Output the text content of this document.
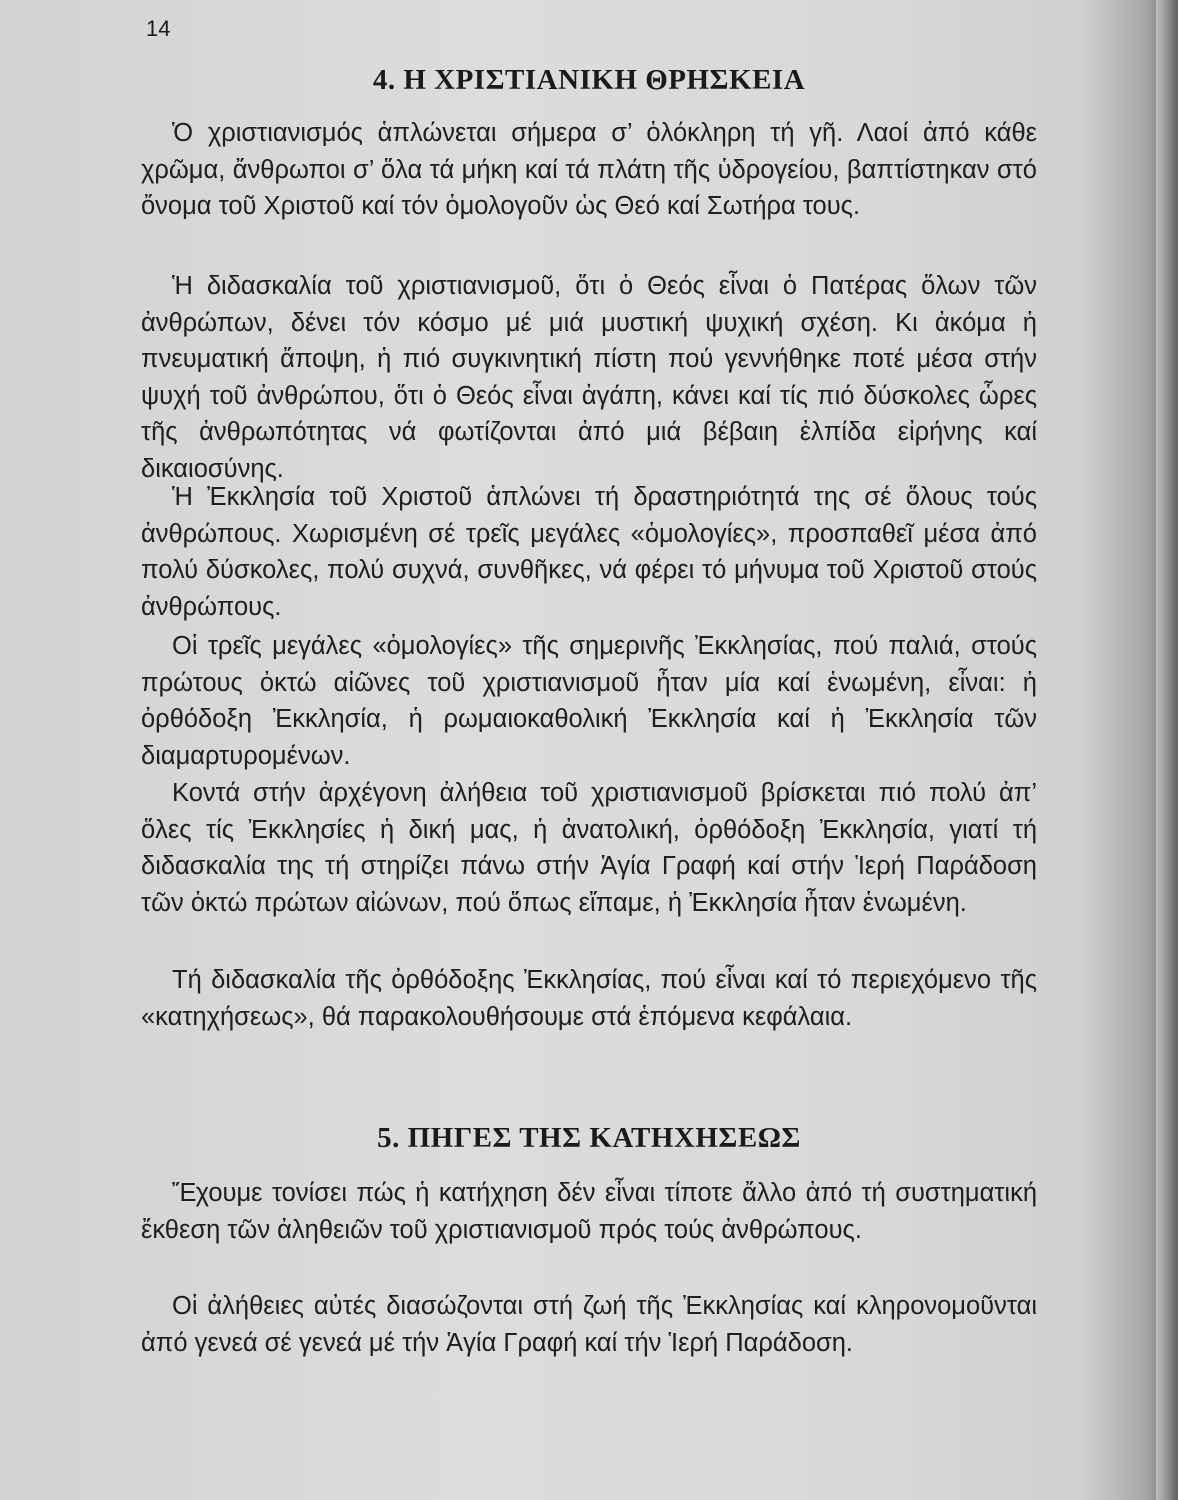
14

4. Η ΧΡΙΣΤΙΑΝΙΚΗ ΘΡΗΣΚΕΙΑ

Ὁ χριστιανισμός ἁπλώνεται σήμερα σ’ ὁλόκληρη τή γῆ. Λαοί ἀπό κάθε χρῶμα, ἄνθρωποι σ’ ὅλα τά μήκη καί τά πλάτη τῆς ὑδρογείου, βαπτίστηκαν στό ὄνομα τοῦ Χριστοῦ καί τόν ὁμολογοῦν ὡς Θεό καί Σωτήρα τους.

Ἡ διδασκαλία τοῦ χριστιανισμοῦ, ὅτι ὁ Θεός εἶναι ὁ Πατέρας ὅλων τῶν ἀνθρώπων, δένει τόν κόσμο μέ μιά μυστική ψυχική σχέση. Κι ἀκόμα ἡ πνευματική ἄποψη, ἡ πιό συγκινητική πίστη πού γεννήθηκε ποτέ μέσα στήν ψυχή τοῦ ἀνθρώπου, ὅτι ὁ Θεός εἶναι ἀγάπη, κάνει καί τίς πιό δύσκολες ὧρες τῆς ἀνθρωπότητας νά φωτίζονται ἀπό μιά βέβαιη ἐλπίδα εἰρήνης καί δικαιοσύνης.

Ἡ Ἐκκλησία τοῦ Χριστοῦ ἁπλώνει τή δραστηριότητά της σέ ὅλους τούς ἀνθρώπους. Χωρισμένη σέ τρεῖς μεγάλες «ὁμολογίες», προσπαθεῖ μέσα ἀπό πολύ δύσκολες, πολύ συχνά, συνθῆκες, νά φέρει τό μήνυμα τοῦ Χριστοῦ στούς ἀνθρώπους.

Οἱ τρεῖς μεγάλες «ὁμολογίες» τῆς σημερινῆς Ἐκκλησίας, πού παλιά, στούς πρώτους ὀκτώ αἰῶνες τοῦ χριστιανισμοῦ ἦταν μία καί ἑνωμένη, εἶναι: ἡ ὀρθόδοξη Ἐκκλησία, ἡ ρωμαιοκαθολική Ἐκκλησία καί ἡ Ἐκκλησία τῶν διαμαρτυρομένων.

Κοντά στήν ἀρχέγονη ἀλήθεια τοῦ χριστιανισμοῦ βρίσκεται πιό πολύ ἀπ’ ὅλες τίς Ἐκκλησίες ἡ δική μας, ἡ ἀνατολική, ὀρθόδοξη Ἐκκλησία, γιατί τή διδασκαλία της τή στηρίζει πάνω στήν Ἁγία Γραφή καί στήν Ἱερή Παράδοση τῶν ὀκτώ πρώτων αἰώνων, πού ὅπως εἴπαμε, ἡ Ἐκκλησία ἦταν ἑνωμένη.

Τή διδασκαλία τῆς ὀρθόδοξης Ἐκκλησίας, πού εἶναι καί τό περιεχόμενο τῆς «κατηχήσεως», θά παρακολουθήσουμε στά ἑπόμενα κεφάλαια.

5. ΠΗΓΕΣ ΤΗΣ ΚΑΤΗΧΗΣΕΩΣ

Ἔχουμε τονίσει πώς ἡ κατήχηση δέν εἶναι τίποτε ἄλλο ἀπό τή συστηματική ἔκθεση τῶν ἀληθειῶν τοῦ χριστιανισμοῦ πρός τούς ἀνθρώπους.

Οἱ ἀλήθειες αὐτές διασώζονται στή ζωή τῆς Ἐκκλησίας καί κληρονομοῦνται ἀπό γενεά σέ γενεά μέ τήν Ἁγία Γραφή καί τήν Ἱερή Παράδοση.
